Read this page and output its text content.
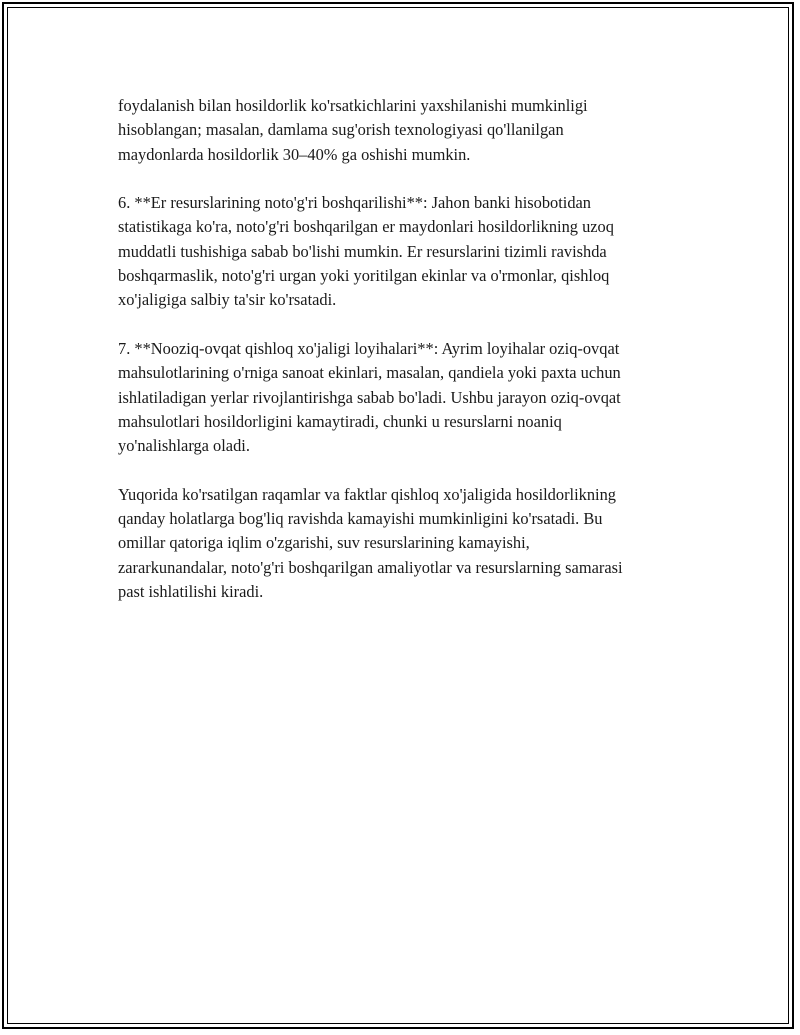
foydalanish bilan hosildorlik ko'rsatkichlarini yaxshilanishi mumkinligi
hisoblangan; masalan, damlama sug'orish texnologiyasi qo'llanilgan
maydonlarda hosildorlik 30–40% ga oshishi mumkin.

6. **Er resurslarining noto'g'ri boshqarilishi**: Jahon banki hisobotidan
statistikaga ko'ra, noto'g'ri boshqarilgan er maydonlari hosildorlikning uzoq
muddatli tushishiga sabab bo'lishi mumkin. Er resurslarini tizimli ravishda
boshqarmaslik, noto'g'ri urgan yoki yoritilgan ekinlar va o'rmonlar, qishloq
xo'jaligiga salbiy ta'sir ko'rsatadi.

7. **Nooziq-ovqat qishloq xo'jaligi loyihalari**: Ayrim loyihalar oziq-ovqat
mahsulotlarining o'rniga sanoat ekinlari, masalan, qandiela yoki paxta uchun
ishlatiladigan yerlar rivojlantirishga sabab bo'ladi. Ushbu jarayon oziq-ovqat
mahsulotlari hosildorligini kamaytiradi, chunki u resurslarni noaniq
yo'nalishlarga oladi.

Yuqorida ko'rsatilgan raqamlar va faktlar qishloq xo'jaligida hosildorlikning
qanday holatlarga bog'liq ravishda kamayishi mumkinligini ko'rsatadi. Bu
omillar qatoriga iqlim o'zgarishi, suv resurslarining kamayishi,
zararkunandalar, noto'g'ri boshqarilgan amaliyotlar va resurslarning samarasi
past ishlatilishi kiradi.
